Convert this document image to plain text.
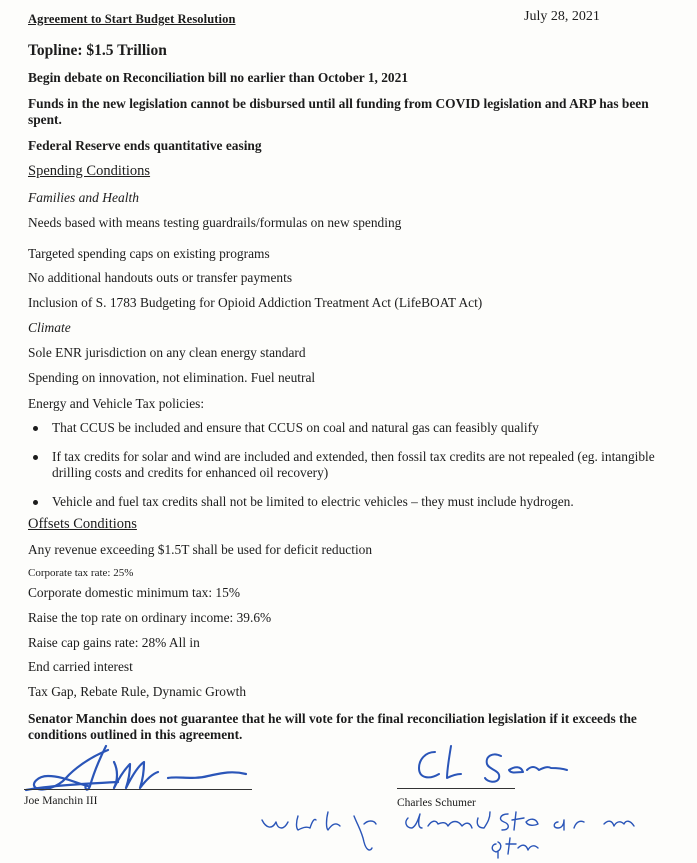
Agreement to Start Budget Resolution	July 28, 2021
Topline: $1.5 Trillion
Begin debate on Reconciliation bill no earlier than October 1, 2021
Funds in the new legislation cannot be disbursed until all funding from COVID legislation and ARP has been spent.
Federal Reserve ends quantitative easing
Spending Conditions
Families and Health
Needs based with means testing guardrails/formulas on new spending
Targeted spending caps on existing programs
No additional handouts outs or transfer payments
Inclusion of S. 1783 Budgeting for Opioid Addiction Treatment Act (LifeBOAT Act)
Climate
Sole ENR jurisdiction on any clean energy standard
Spending on innovation, not elimination. Fuel neutral
Energy and Vehicle Tax policies:
That CCUS be included and ensure that CCUS on coal and natural gas can feasibly qualify
If tax credits for solar and wind are included and extended, then fossil tax credits are not repealed (eg. intangible drilling costs and credits for enhanced oil recovery)
Vehicle and fuel tax credits shall not be limited to electric vehicles – they must include hydrogen.
Offsets Conditions
Any revenue exceeding $1.5T shall be used for deficit reduction
Corporate tax rate: 25%
Corporate domestic minimum tax: 15%
Raise the top rate on ordinary income: 39.6%
Raise cap gains rate: 28% All in
End carried interest
Tax Gap, Rebate Rule, Dynamic Growth
Senator Manchin does not guarantee that he will vote for the final reconciliation legislation if it exceeds the conditions outlined in this agreement.
Joe Manchin III	Charles Schumer
